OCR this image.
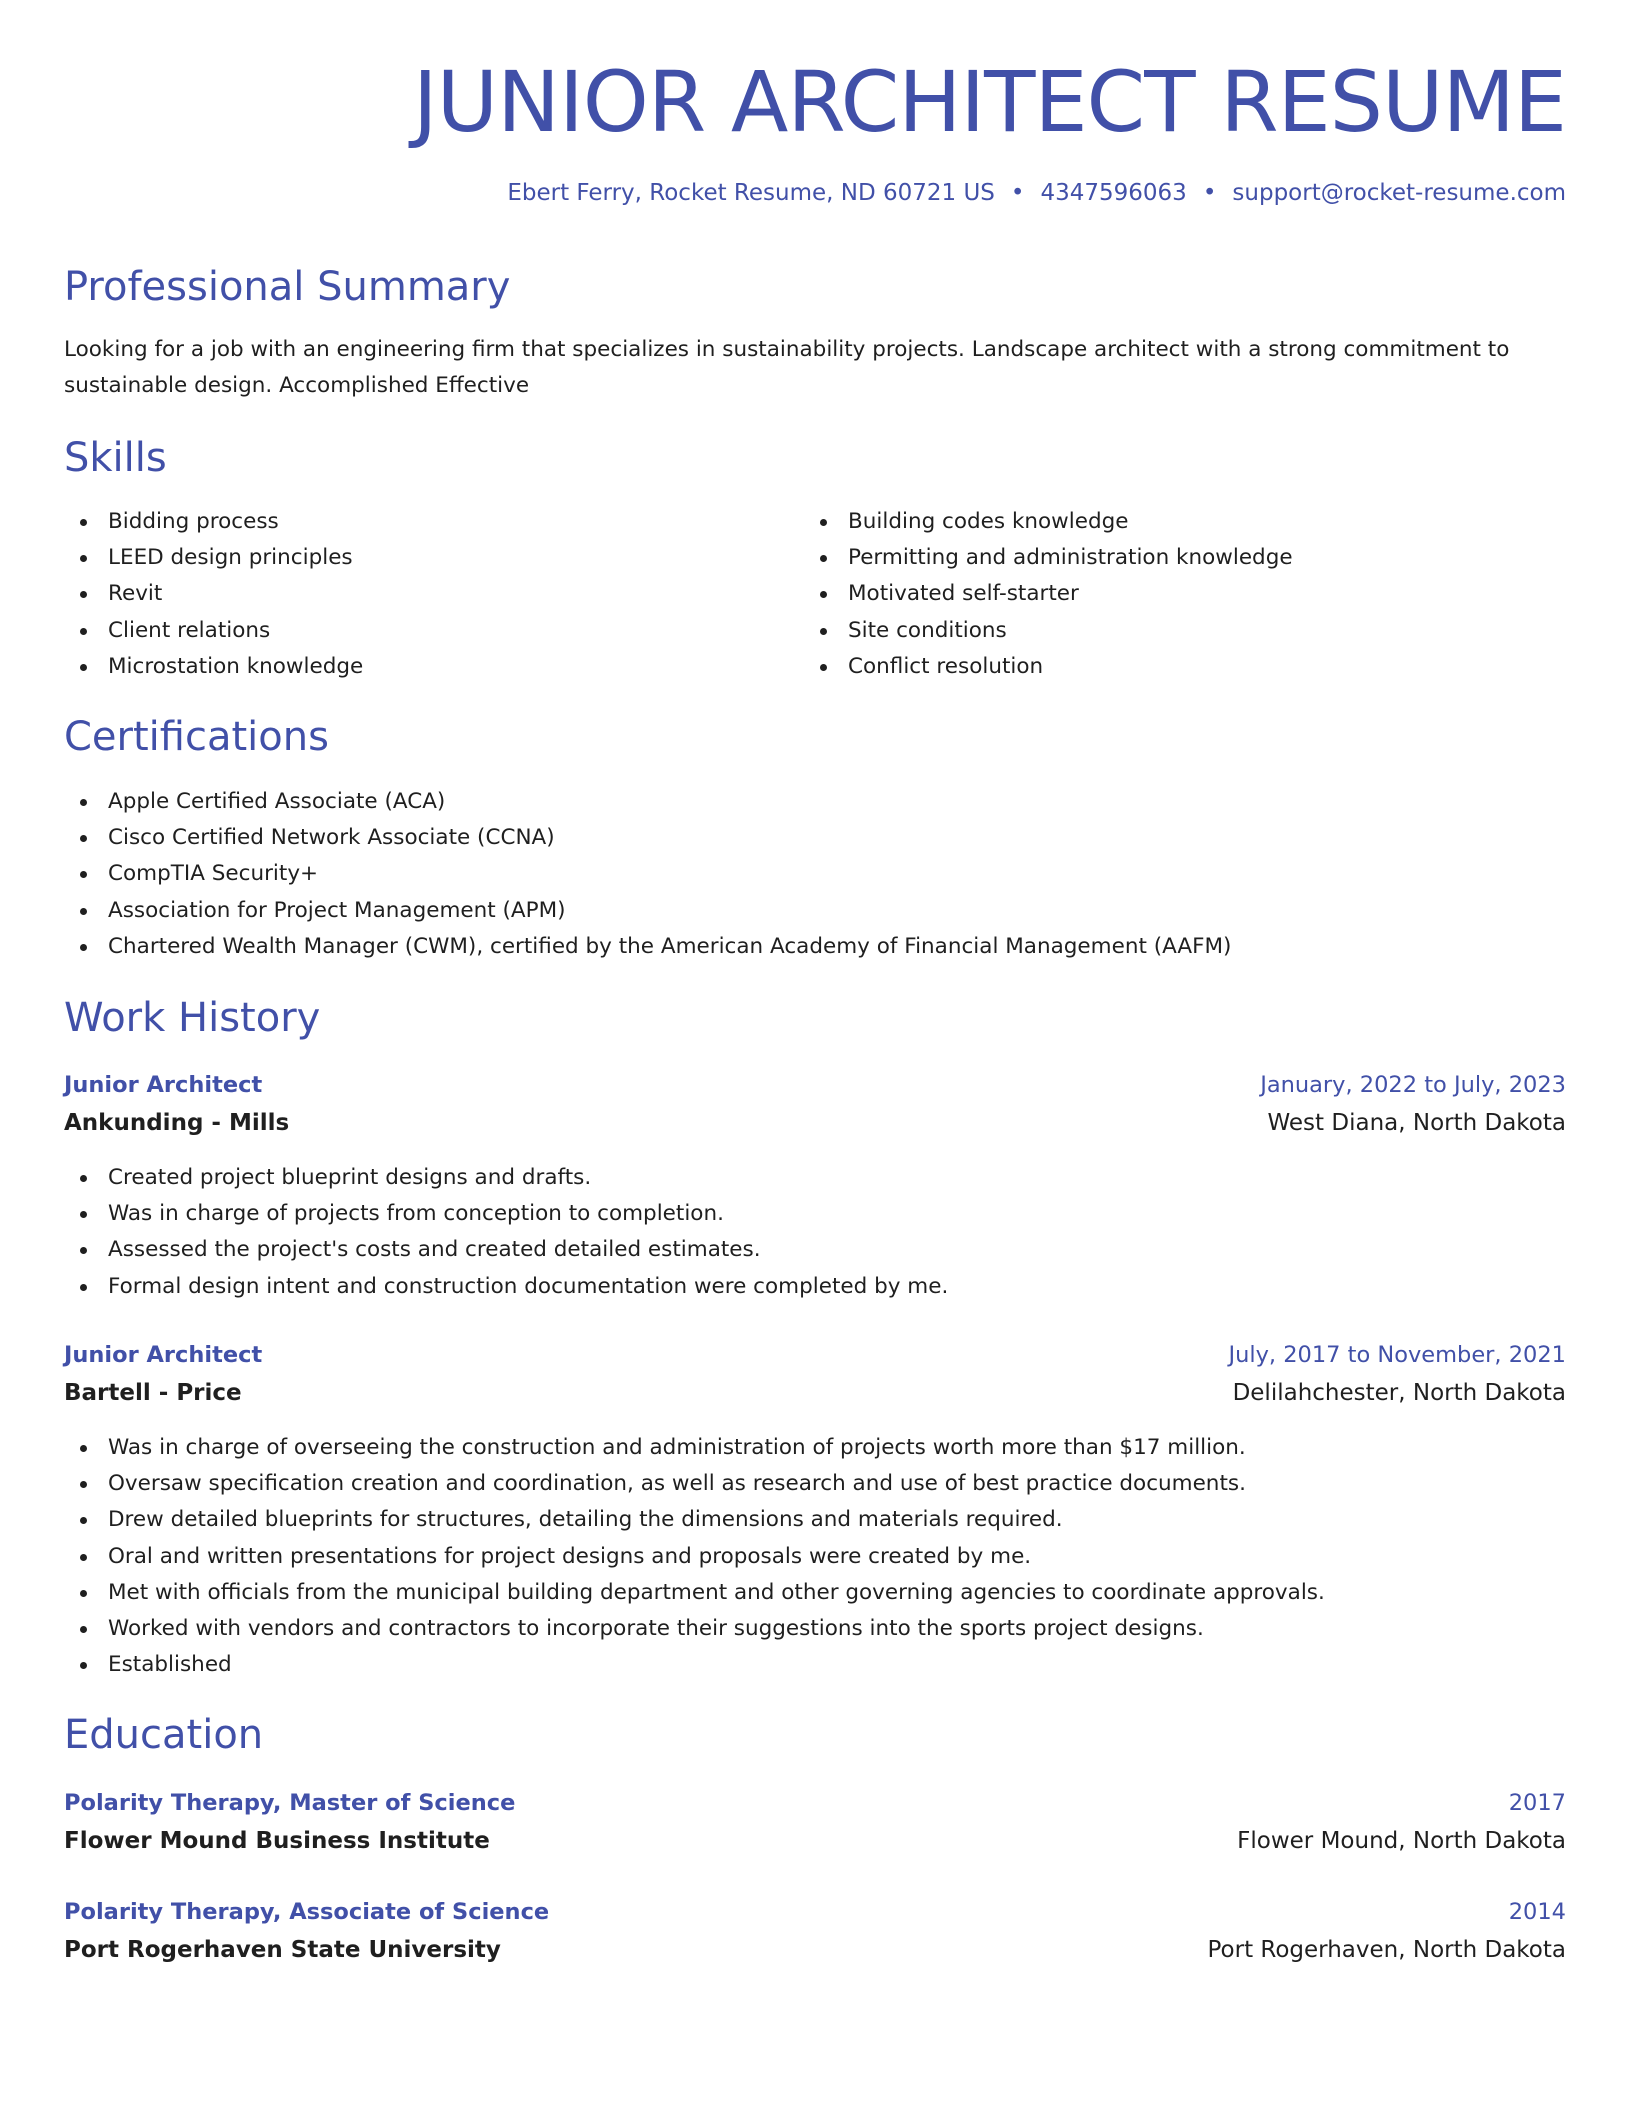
JUNIOR ARCHITECT RESUME
Ebert Ferry, Rocket Resume, ND 60721 US • 4347596063 • support@rocket-resume.com
Professional Summary

Looking for a job with an engineering firm that specializes in sustainability projects. Landscape architect with a strong commitment to sustainable design. Accomplished Effective

Skills
Bidding process
LEED design principles
Revit
Client relations
Microstation knowledge
Building codes knowledge
Permitting and administration knowledge
Motivated self-starter
Site conditions
Conflict resolution
Certifications
Apple Certified Associate (ACA)
Cisco Certified Network Associate (CCNA)
CompTIA Security+
Association for Project Management (APM)
Chartered Wealth Manager (CWM), certified by the American Academy of Financial Management (AAFM)
Work History
Junior Architect	January, 2022 to July, 2023
Ankunding - Mills	West Diana, North Dakota
Created project blueprint designs and drafts.
Was in charge of projects from conception to completion.
Assessed the project's costs and created detailed estimates.
Formal design intent and construction documentation were completed by me.
Junior Architect	July, 2017 to November, 2021
Bartell - Price	Delilahchester, North Dakota
Was in charge of overseeing the construction and administration of projects worth more than $17 million.
Oversaw specification creation and coordination, as well as research and use of best practice documents.
Drew detailed blueprints for structures, detailing the dimensions and materials required.
Oral and written presentations for project designs and proposals were created by me.
Met with officials from the municipal building department and other governing agencies to coordinate approvals.
Worked with vendors and contractors to incorporate their suggestions into the sports project designs.
Established
Education
Polarity Therapy, Master of Science	2017
Flower Mound Business Institute	Flower Mound, North Dakota
Polarity Therapy, Associate of Science	2014
Port Rogerhaven State University	Port Rogerhaven, North Dakota
